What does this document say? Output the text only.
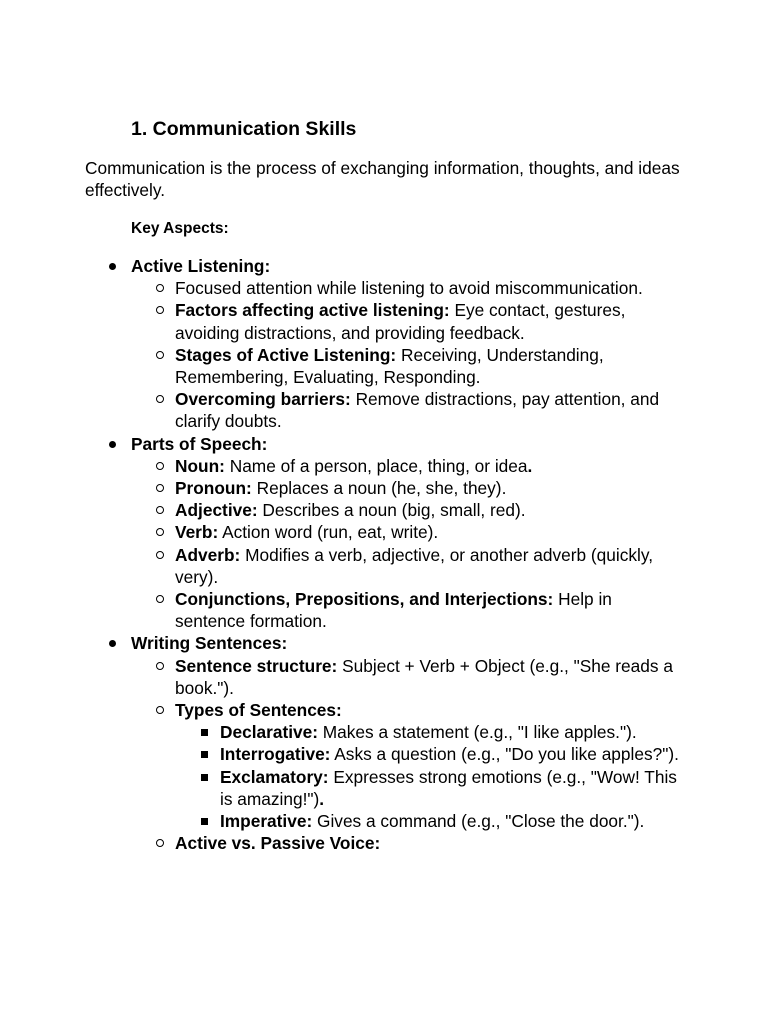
1. Communication Skills

Communication is the process of exchanging information, thoughts, and ideas effectively.

Key Aspects:

Active Listening:
Focused attention while listening to avoid miscommunication.
Factors affecting active listening: Eye contact, gestures, avoiding distractions, and providing feedback.
Stages of Active Listening: Receiving, Understanding, Remembering, Evaluating, Responding.
Overcoming barriers: Remove distractions, pay attention, and clarify doubts.
Parts of Speech:
Noun: Name of a person, place, thing, or idea.
Pronoun: Replaces a noun (he, she, they).
Adjective: Describes a noun (big, small, red).
Verb: Action word (run, eat, write).
Adverb: Modifies a verb, adjective, or another adverb (quickly, very).
Conjunctions, Prepositions, and Interjections: Help in sentence formation.
Writing Sentences:
Sentence structure: Subject + Verb + Object (e.g., "She reads a book.").
Types of Sentences:
Declarative: Makes a statement (e.g., "I like apples.").
Interrogative: Asks a question (e.g., "Do you like apples?").
Exclamatory: Expresses strong emotions (e.g., "Wow! This is amazing!").
Imperative: Gives a command (e.g., "Close the door.").
Active vs. Passive Voice:
